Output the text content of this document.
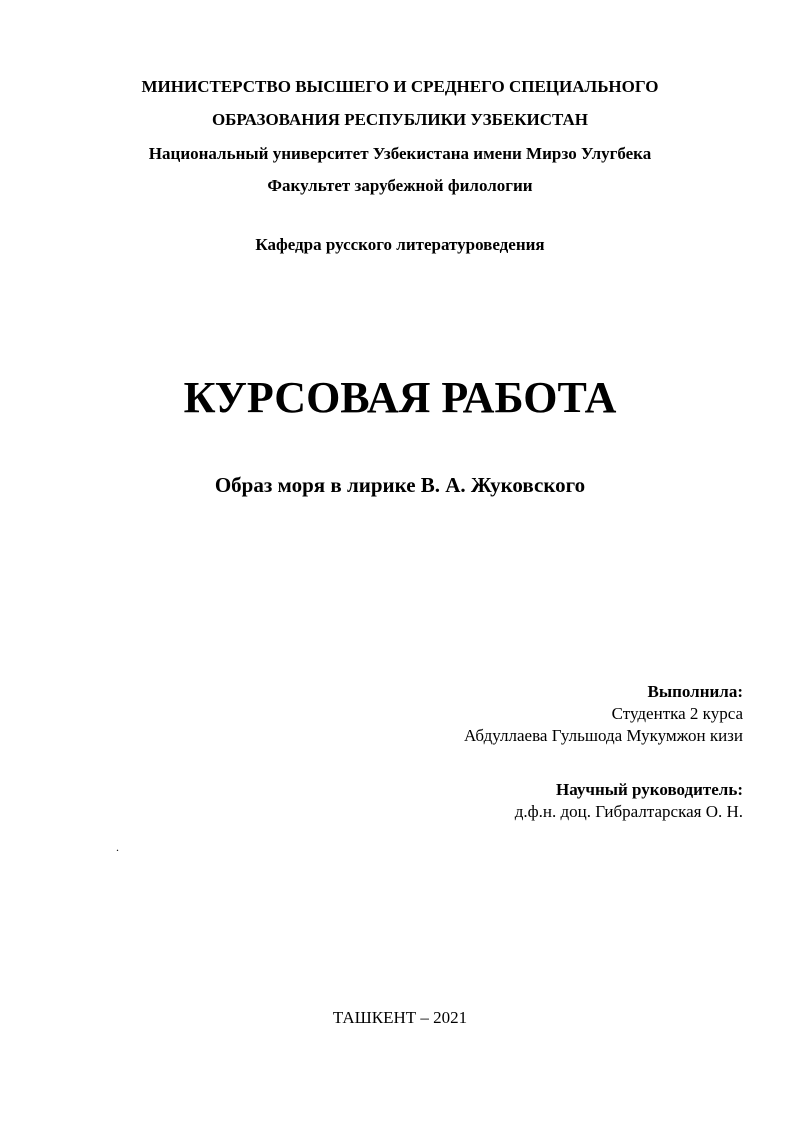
МИНИСТЕРСТВО ВЫСШЕГО И СРЕДНЕГО СПЕЦИАЛЬНОГО
ОБРАЗОВАНИЯ РЕСПУБЛИКИ УЗБЕКИСТАН
Национальный университет Узбекистана имени Мирзо Улугбека
Факультет зарубежной филологии
Кафедра русского литературоведения
КУРСОВАЯ РАБОТА
Образ моря в лирике В. А. Жуковского
Выполнила:
Студентка 2 курса
Абдуллаева Гульшода Мукумжон кизи
Научный руководитель:
д.ф.н. доц. Гибралтарская О. Н.
.
ТАШКЕНТ – 2021
